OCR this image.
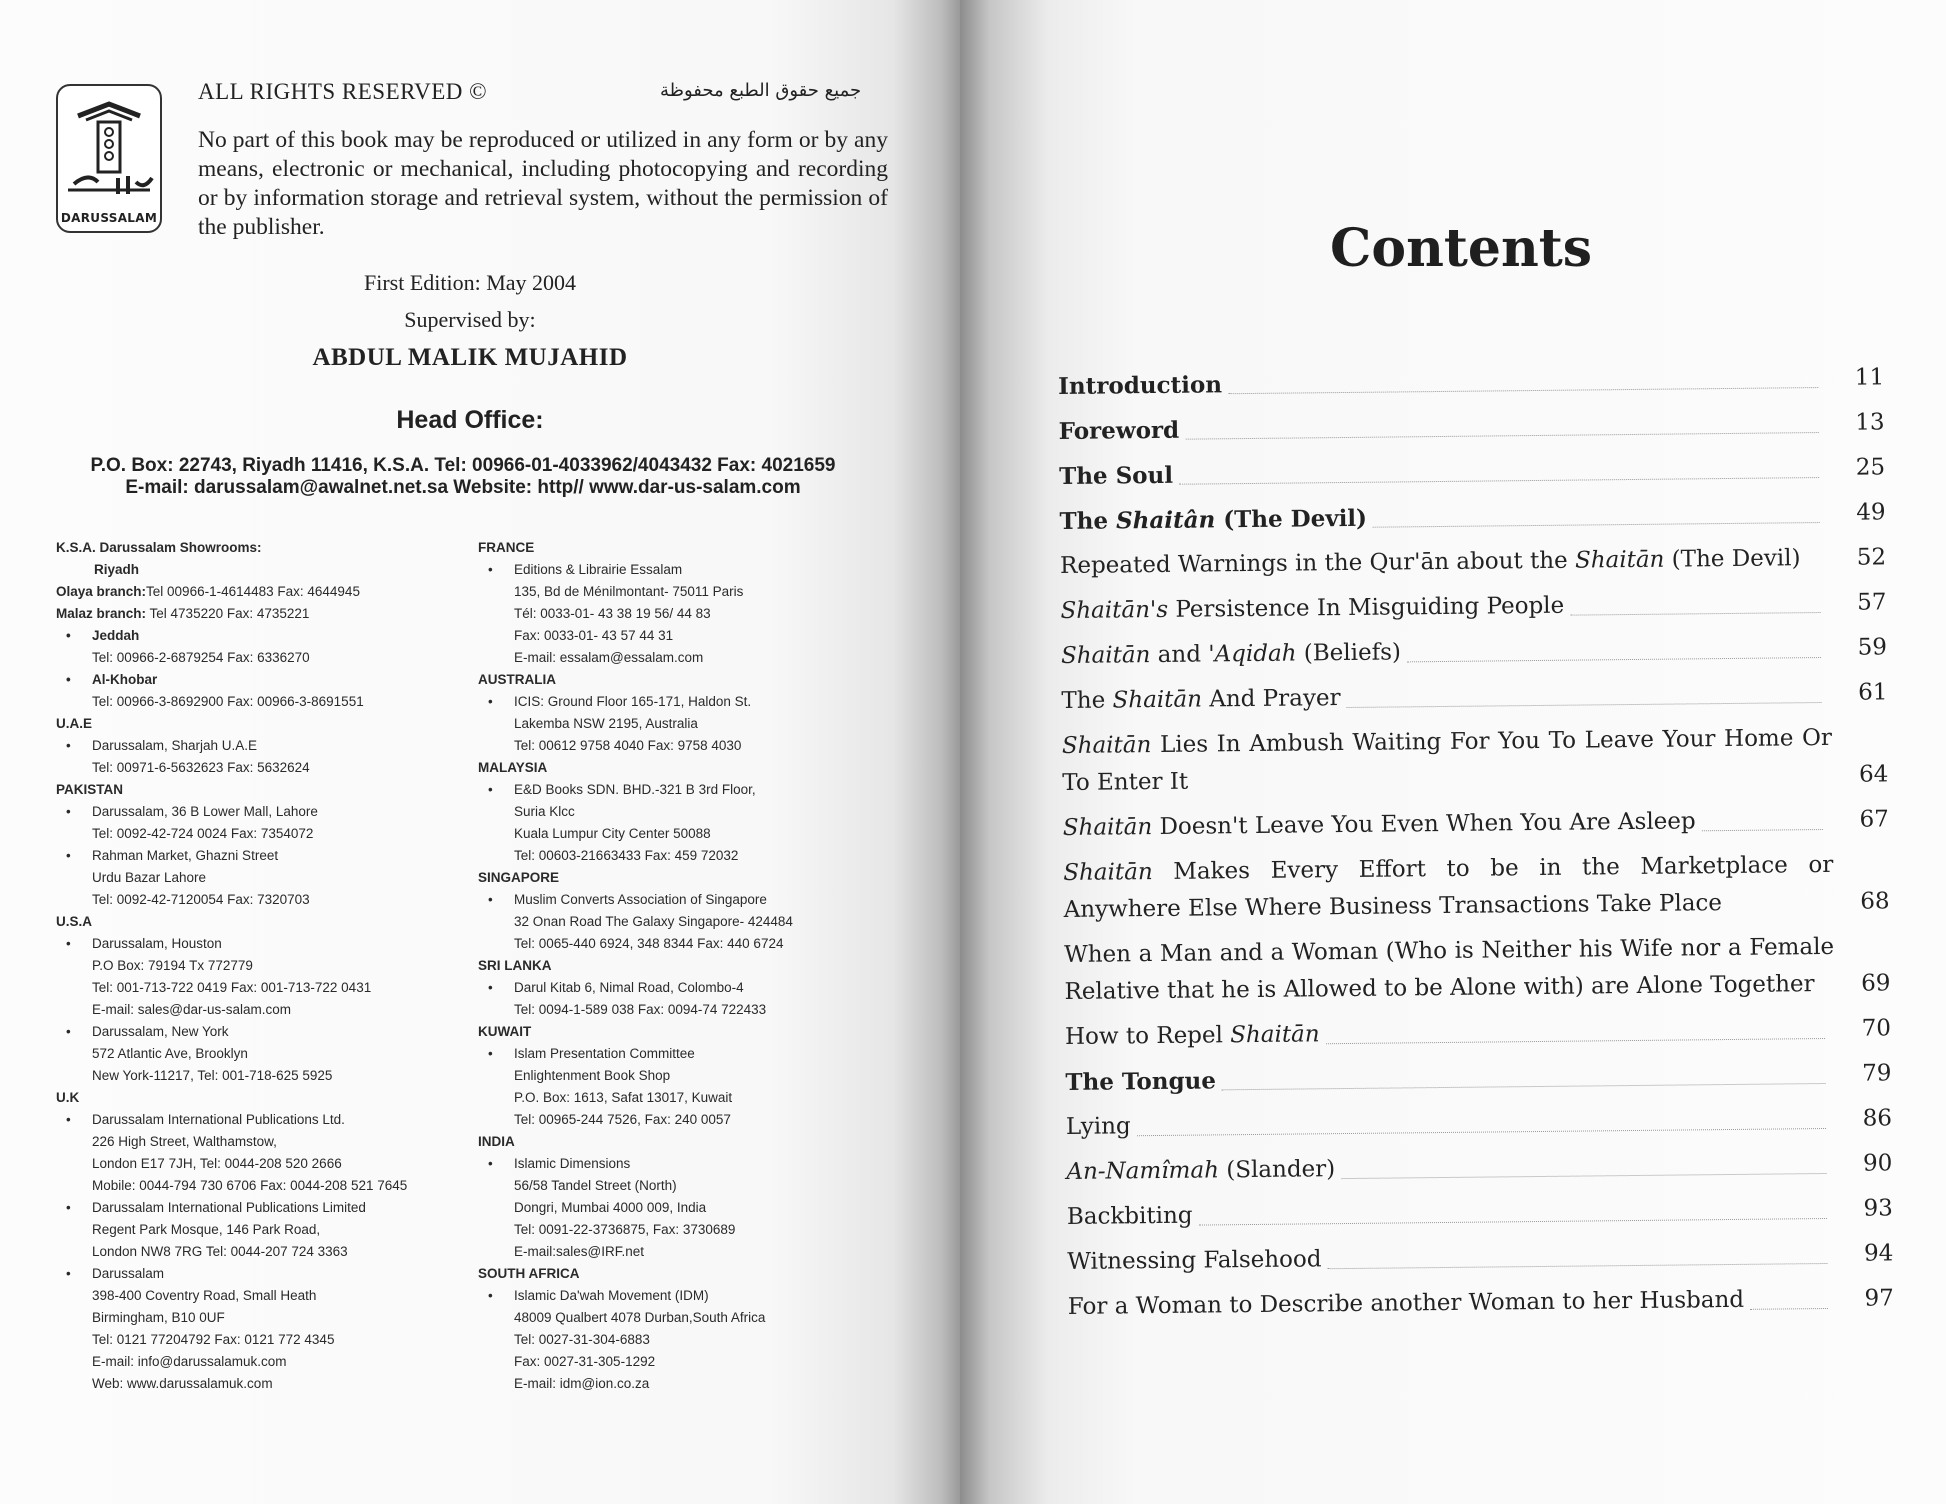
DARUSSALAM
ALL RIGHTS RESERVED ©	جميع حقوق الطبع محفوظة
No part of this book may be reproduced or utilized in any form or by any means, electronic or mechanical, including photocopying and recording or by information storage and retrieval system, without the permission of the publisher.
First Edition: May 2004
Supervised by:
ABDUL MALIK MUJAHID
Head Office:
P.O. Box: 22743, Riyadh 11416, K.S.A. Tel: 00966-01-4033962/4043432 Fax: 4021659
E-mail: darussalam@awalnet.net.sa Website: http// www.dar-us-salam.com
K.S.A. Darussalam Showrooms:
Riyadh
Olaya branch:Tel 00966-1-4614483 Fax: 4644945
Malaz branch: Tel 4735220 Fax: 4735221
• Jeddah
Tel: 00966-2-6879254 Fax: 6336270
• Al-Khobar
Tel: 00966-3-8692900 Fax: 00966-3-8691551
U.A.E
• Darussalam, Sharjah U.A.E
Tel: 00971-6-5632623 Fax: 5632624
PAKISTAN
• Darussalam, 36 B Lower Mall, Lahore
Tel: 0092-42-724 0024 Fax: 7354072
• Rahman Market, Ghazni Street
Urdu Bazar Lahore
Tel: 0092-42-7120054 Fax: 7320703
U.S.A
• Darussalam, Houston
P.O Box: 79194 Tx 772779
Tel: 001-713-722 0419 Fax: 001-713-722 0431
E-mail: sales@dar-us-salam.com
• Darussalam, New York
572 Atlantic Ave, Brooklyn
New York-11217, Tel: 001-718-625 5925
U.K
• Darussalam International Publications Ltd.
226 High Street, Walthamstow,
London E17 7JH, Tel: 0044-208 520 2666
Mobile: 0044-794 730 6706 Fax: 0044-208 521 7645
• Darussalam International Publications Limited
Regent Park Mosque, 146 Park Road,
London NW8 7RG Tel: 0044-207 724 3363
• Darussalam
398-400 Coventry Road, Small Heath
Birmingham, B10 0UF
Tel: 0121 77204792 Fax: 0121 772 4345
E-mail: info@darussalamuk.com
Web: www.darussalamuk.com
FRANCE
• Editions & Librairie Essalam
135, Bd de Ménilmontant- 75011 Paris
Tél: 0033-01- 43 38 19 56/ 44 83
Fax: 0033-01- 43 57 44 31
E-mail: essalam@essalam.com
AUSTRALIA
• ICIS: Ground Floor 165-171, Haldon St.
Lakemba NSW 2195, Australia
Tel: 00612 9758 4040 Fax: 9758 4030
MALAYSIA
• E&D Books SDN. BHD.-321 B 3rd Floor,
Suria Klcc
Kuala Lumpur City Center 50088
Tel: 00603-21663433 Fax: 459 72032
SINGAPORE
• Muslim Converts Association of Singapore
32 Onan Road The Galaxy Singapore- 424484
Tel: 0065-440 6924, 348 8344 Fax: 440 6724
SRI LANKA
• Darul Kitab 6, Nimal Road, Colombo-4
Tel: 0094-1-589 038 Fax: 0094-74 722433
KUWAIT
• Islam Presentation Committee
Enlightenment Book Shop
P.O. Box: 1613, Safat 13017, Kuwait
Tel: 00965-244 7526, Fax: 240 0057
INDIA
• Islamic Dimensions
56/58 Tandel Street (North)
Dongri, Mumbai 4000 009, India
Tel: 0091-22-3736875, Fax: 3730689
E-mail:sales@IRF.net
SOUTH AFRICA
• Islamic Da'wah Movement (IDM)
48009 Qualbert 4078 Durban,South Africa
Tel: 0027-31-304-6883
Fax: 0027-31-305-1292
E-mail: idm@ion.co.za
Contents
Introduction	11
Foreword	13
The Soul	25
The Shaitân (The Devil)	49
Repeated Warnings in the Qur'ān about the Shaitān (The Devil)	52
Shaitān's Persistence In Misguiding People	57
Shaitān and 'Aqidah (Beliefs)	59
The Shaitān And Prayer	61
Shaitān Lies In Ambush Waiting For You To Leave Your Home Or To Enter It	64
Shaitān Doesn't Leave You Even When You Are Asleep	67
Shaitān Makes Every Effort to be in the Marketplace or Anywhere Else Where Business Transactions Take Place	68
When a Man and a Woman (Who is Neither his Wife nor a Female Relative that he is Allowed to be Alone with) are Alone Together	69
How to Repel Shaitān	70
The Tongue	79
Lying	86
An-Namîmah (Slander)	90
Backbiting	93
Witnessing Falsehood	94
For a Woman to Describe another Woman to her Husband	97
